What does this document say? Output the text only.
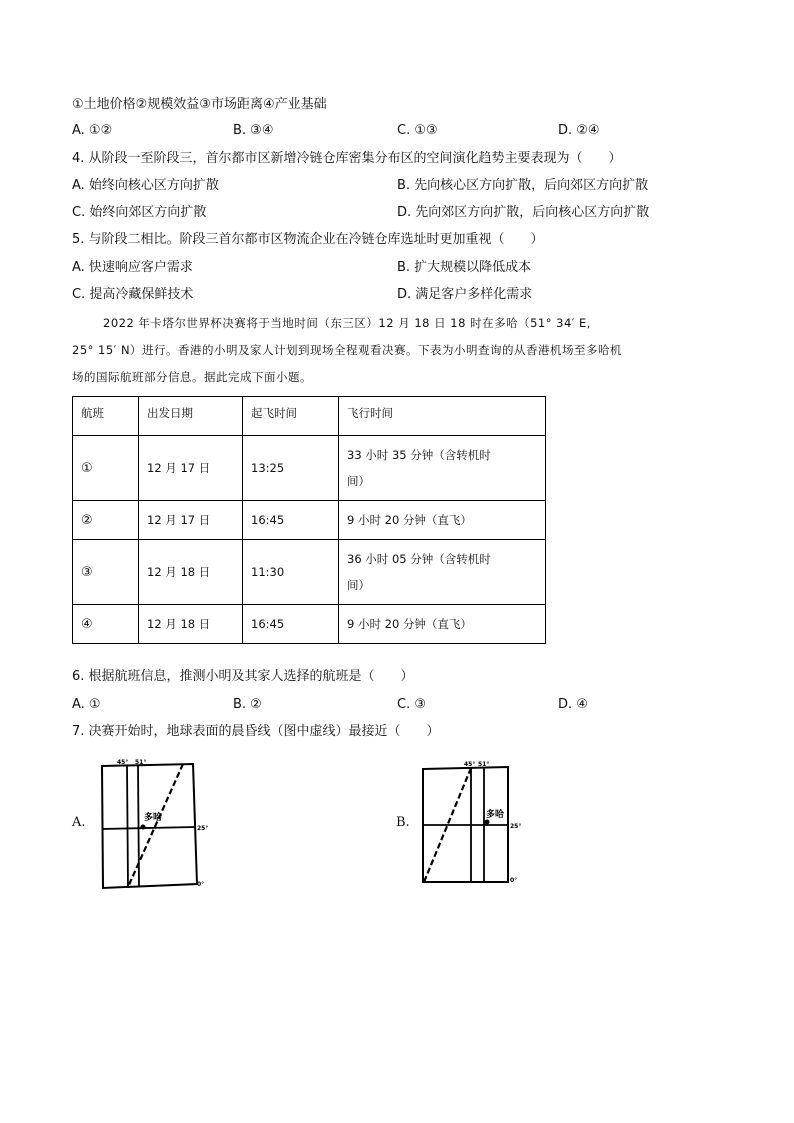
①土地价格②规模效益③市场距离④产业基础
A. ①②	B. ③④	C. ①③	D. ②④
4. 从阶段一至阶段三，首尔都市区新增冷链仓库密集分布区的空间演化趋势主要表现为（　　）
A. 始终向核心区方向扩散	B. 先向核心区方向扩散，后向郊区方向扩散
C. 始终向郊区方向扩散	D. 先向郊区方向扩散，后向核心区方向扩散
5. 与阶段二相比。阶段三首尔都市区物流企业在冷链仓库选址时更加重视（　　）
A. 快速响应客户需求	B. 扩大规模以降低成本
C. 提高冷藏保鲜技术	D. 满足客户多样化需求
2022 年卡塔尔世界杯决赛将于当地时间（东三区）12 月 18 日 18 时在多哈（51° 34′ E,
25° 15′ N）进行。香港的小明及家人计划到现场全程观看决赛。下表为小明查询的从香港机场至多哈机
场的国际航班部分信息。据此完成下面小题。
航班	出发日期	起飞时间	飞行时间
①	12 月 17 日	13:25	33 小时 35 分钟（含转机时
间）

②	12 月 17 日	16:45	9 小时 20 分钟（直飞）
③	12 月 18 日	11:30	36 小时 05 分钟（含转机时
间）

④	12 月 18 日	16:45	9 小时 20 分钟（直飞）
6. 根据航班信息，推测小明及其家人选择的航班是（　　）
A. ①	B. ②	C. ③	D. ④
7. 决赛开始时，地球表面的晨昏线（图中虚线）最接近（　　）
A.
45° 51°
多哈
25°
0°
B.
45° 51°
多哈
25°
0°
